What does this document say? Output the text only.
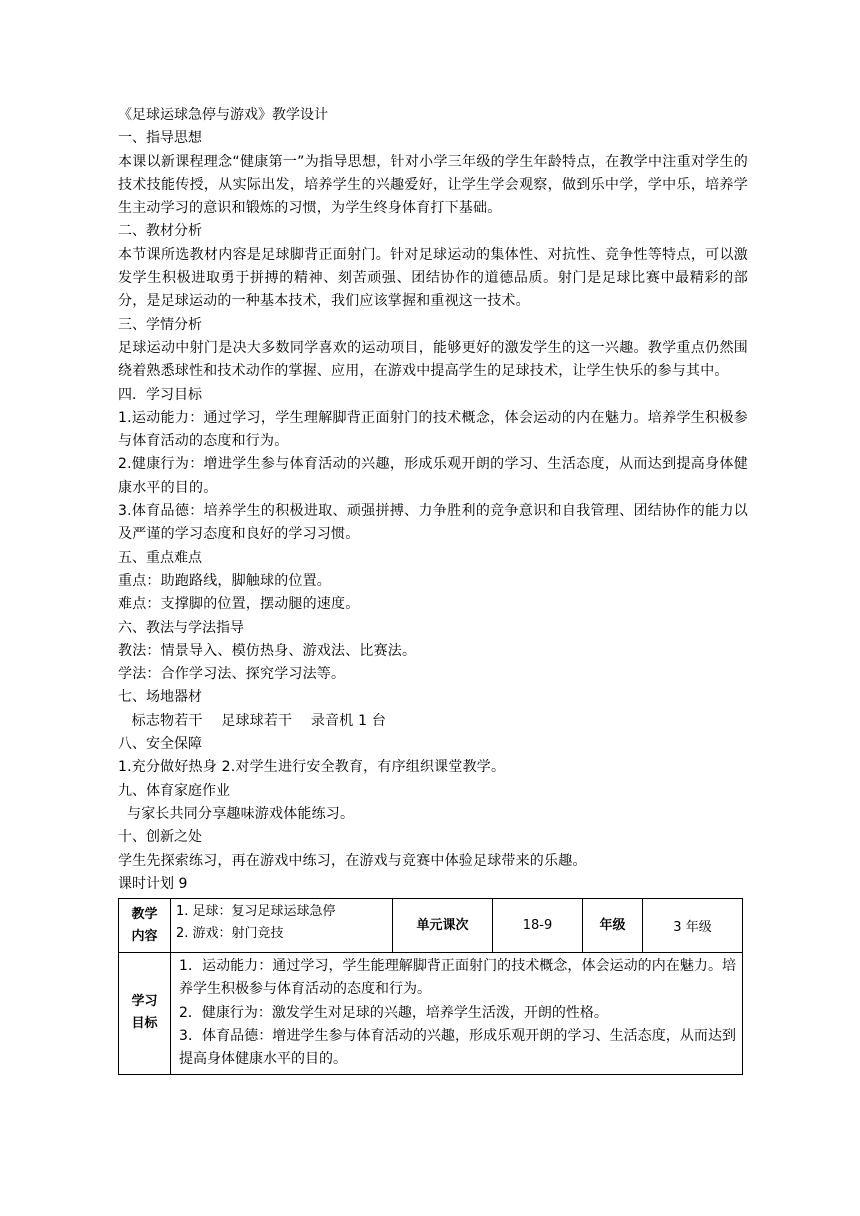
《足球运球急停与游戏》教学设计

一、指导思想

本课以新课程理念“健康第一”为指导思想，针对小学三年级的学生年龄特点，在教学中注重对学生的技术技能传授，从实际出发，培养学生的兴趣爱好，让学生学会观察，做到乐中学，学中乐，培养学生主动学习的意识和锻炼的习惯，为学生终身体育打下基础。

二、教材分析

本节课所选教材内容是足球脚背正面射门。针对足球运动的集体性、对抗性、竞争性等特点，可以激发学生积极进取勇于拼搏的精神、刻苦顽强、团结协作的道德品质。射门是足球比赛中最精彩的部分，是足球运动的一种基本技术，我们应该掌握和重视这一技术。

三、学情分析

足球运动中射门是决大多数同学喜欢的运动项目，能够更好的激发学生的这一兴趣。教学重点仍然围绕着熟悉球性和技术动作的掌握、应用，在游戏中提高学生的足球技术，让学生快乐的参与其中。

四．学习目标

1.运动能力：通过学习，学生理解脚背正面射门的技术概念，体会运动的内在魅力。培养学生积极参与体育活动的态度和行为。

2.健康行为：增进学生参与体育活动的兴趣，形成乐观开朗的学习、生活态度，从而达到提高身体健康水平的目的。

3.体育品德：培养学生的积极进取、顽强拼搏、力争胜利的竞争意识和自我管理、团结协作的能力以及严谨的学习态度和良好的学习习惯。

五、重点难点

重点：助跑路线，脚触球的位置。

难点：支撑脚的位置，摆动腿的速度。

六、教法与学法指导

教法：情景导入、模仿热身、游戏法、比赛法。

学法：合作学习法、探究学习法等。

七、场地器材

标志物若干    足球球若干    录音机 1 台

八、安全保障

1.充分做好热身 2.对学生进行安全教育，有序组织课堂教学。

九、体育家庭作业

与家长共同分享趣味游戏体能练习。

十、创新之处

学生先探索练习，再在游戏中练习，在游戏与竞赛中体验足球带来的乐趣。

课时计划 9

教学
内容	1. 足球：复习足球运球急停
2. 游戏：射门竞技	单元课次	18-9	年级	3 年级

学习
目标	1．运动能力：通过学习，学生能理解脚背正面射门的技术概念，体会运动的内在魅力。培养学生积极参与体育活动的态度和行为。
2．健康行为：激发学生对足球的兴趣，培养学生活泼，开朗的性格。
3．体育品德：增进学生参与体育活动的兴趣，形成乐观开朗的学习、生活态度，从而达到提高身体健康水平的目的。				
